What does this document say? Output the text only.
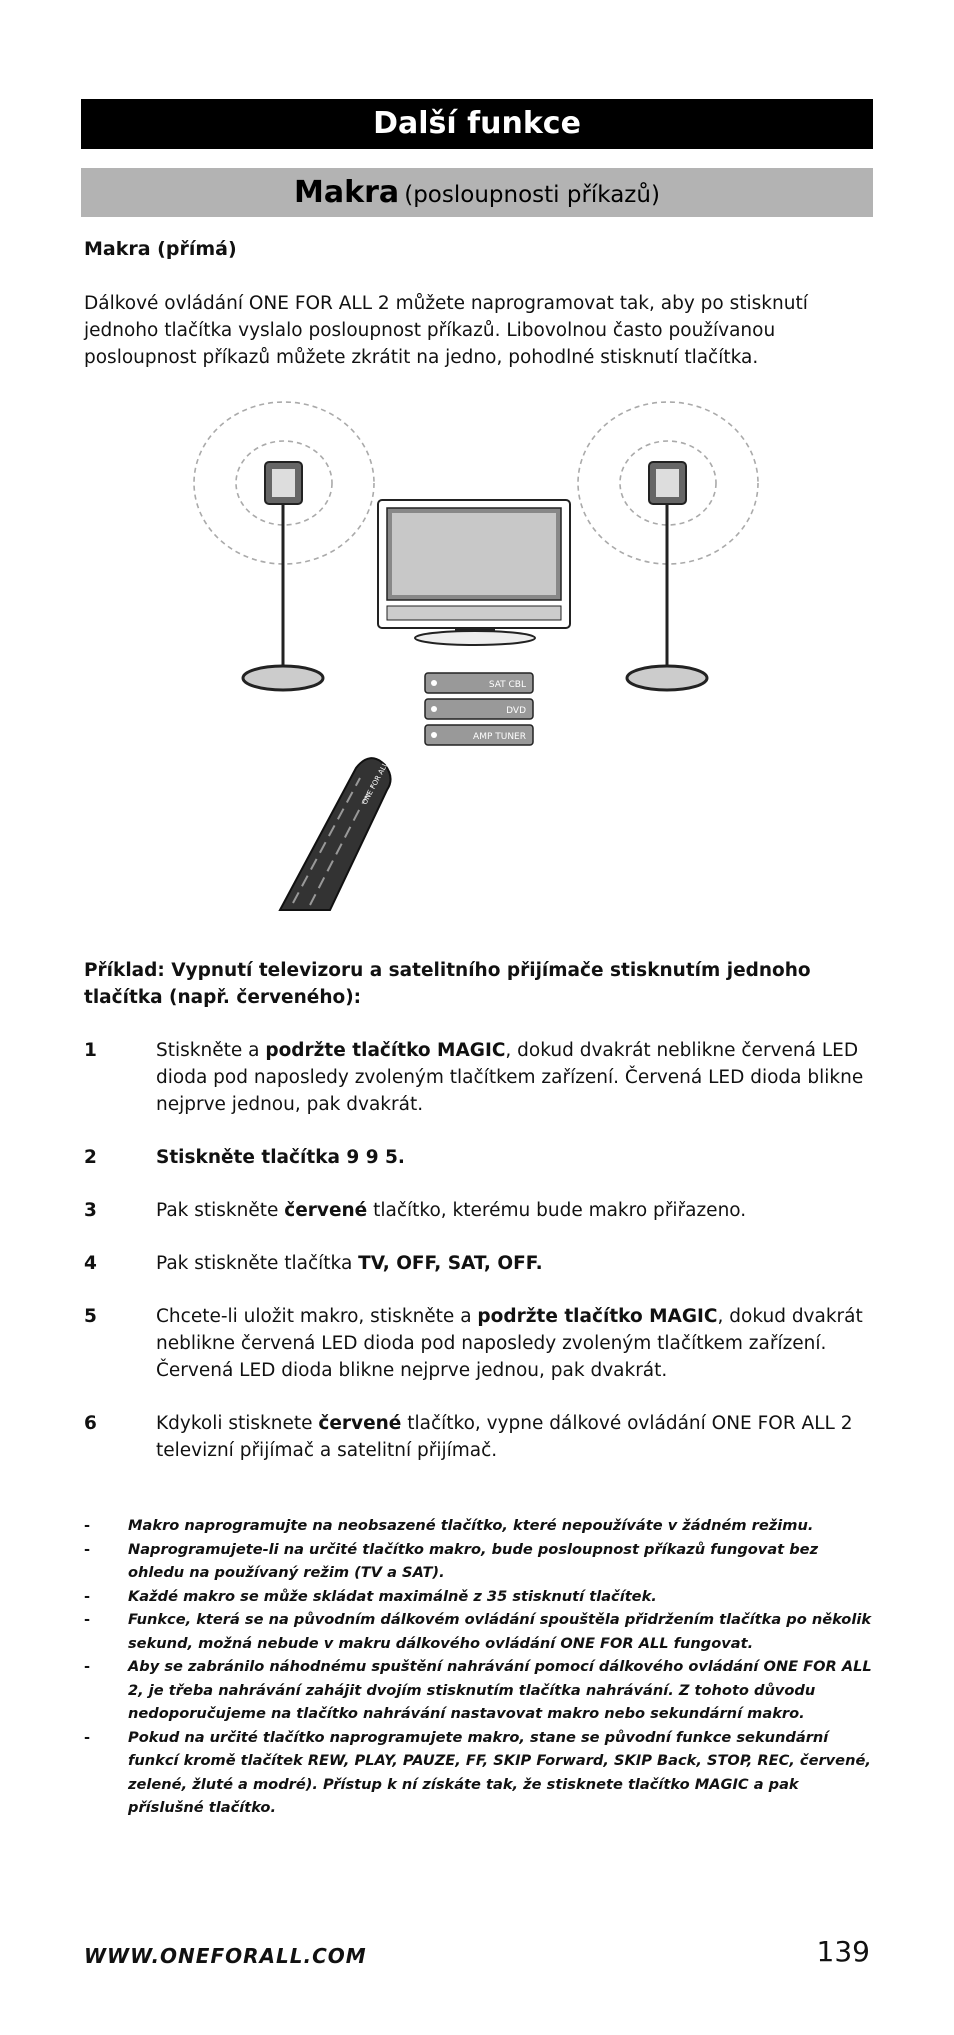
Další funkce
Makra (posloupnosti příkazů)
Makra (přímá)
Dálkové ovládání ONE FOR ALL 2 můžete naprogramovat tak, aby po stisknutí jednoho tlačítka vyslalo posloupnost příkazů. Libovolnou často používanou posloupnost příkazů můžete zkrátit na jedno, pohodlné stisknutí tlačítka.
SAT CBL
DVD
AMP TUNER
ONE FOR ALL
Příklad: Vypnutí televizoru a satelitního přijímače stisknutím jednoho tlačítka (např. červeného):
1	Stiskněte a podržte tlačítko MAGIC, dokud dvakrát neblikne červená LED dioda pod naposledy zvoleným tlačítkem zařízení. Červená LED dioda blikne nejprve jednou, pak dvakrát.
2	Stiskněte tlačítka 9 9 5.
3	Pak stiskněte červené tlačítko, kterému bude makro přiřazeno.
4	Pak stiskněte tlačítka TV, OFF, SAT, OFF.
5	Chcete-li uložit makro, stiskněte a podržte tlačítko MAGIC, dokud dvakrát neblikne červená LED dioda pod naposledy zvoleným tlačítkem zařízení. Červená LED dioda blikne nejprve jednou, pak dvakrát.
6	Kdykoli stisknete červené tlačítko, vypne dálkové ovládání ONE FOR ALL 2 televizní přijímač a satelitní přijímač.
-	Makro naprogramujte na neobsazené tlačítko, které nepoužíváte v žádném režimu.
-	Naprogramujete-li na určité tlačítko makro, bude posloupnost příkazů fungovat bez ohledu na používaný režim (TV a SAT).
-	Každé makro se může skládat maximálně z 35 stisknutí tlačítek.
-	Funkce, která se na původním dálkovém ovládání spouštěla přidržením tlačítka po několik sekund, možná nebude v makru dálkového ovládání ONE FOR ALL fungovat.
-	Aby se zabránilo náhodnému spuštění nahrávání pomocí dálkového ovládání ONE FOR ALL 2, je třeba nahrávání zahájit dvojím stisknutím tlačítka nahrávání. Z tohoto důvodu nedoporučujeme na tlačítko nahrávání nastavovat makro nebo sekundární makro.
-	Pokud na určité tlačítko naprogramujete makro, stane se původní funkce sekundární funkcí kromě tlačítek REW, PLAY, PAUZE, FF, SKIP Forward, SKIP Back, STOP, REC, červené, zelené, žluté a modré). Přístup k ní získáte tak, že stisknete tlačítko MAGIC a pak příslušné tlačítko.
WWW.ONEFORALL.COM	139
